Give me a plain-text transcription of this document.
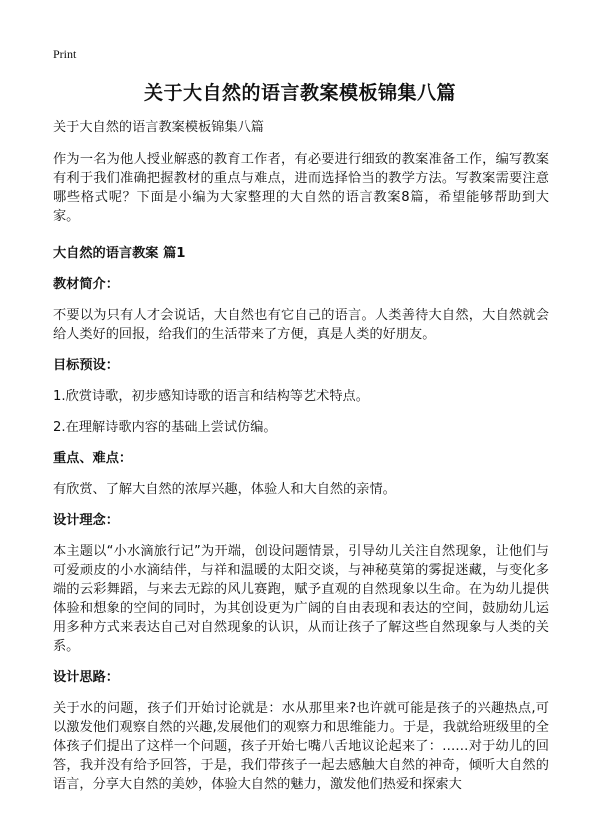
Print
关于大自然的语言教案模板锦集八篇

关于大自然的语言教案模板锦集八篇

作为一名为他人授业解惑的教育工作者，有必要进行细致的教案准备工作，编写教案有利于我们准确把握教材的重点与难点，进而选择恰当的教学方法。写教案需要注意哪些格式呢？下面是小编为大家整理的大自然的语言教案8篇，希望能够帮助到大家。

大自然的语言教案 篇1
教材简介：

不要以为只有人才会说话，大自然也有它自己的语言。人类善待大自然，大自然就会给人类好的回报，给我们的生活带来了方便，真是人类的好朋友。

目标预设：

1.欣赏诗歌，初步感知诗歌的语言和结构等艺术特点。

2.在理解诗歌内容的基础上尝试仿编。

重点、难点：

有欣赏、了解大自然的浓厚兴趣，体验人和大自然的亲情。

设计理念：

本主题以“小水滴旅行记”为开端，创设问题情景，引导幼儿关注自然现象，让他们与可爱顽皮的小水滴结伴，与祥和温暖的太阳交谈，与神秘莫第的雾捉迷藏，与变化多端的云彩舞蹈，与来去无踪的风儿赛跑，赋予直观的自然现象以生命。在为幼儿提供体验和想象的空间的同时，为其创设更为广阔的自由表现和表达的空间，鼓励幼儿运用多种方式来表达自己对自然现象的认识，从而让孩子了解这些自然现象与人类的关系。

设计思路：

关于水的问题，孩子们开始讨论就是：水从那里来?也许就可能是孩子的兴趣热点,可以激发他们观察自然的兴趣,发展他们的观察力和思维能力。于是，我就给班级里的全体孩子们提出了这样一个问题，孩子开始七嘴八舌地议论起来了：……对于幼儿的回答，我并没有给予回答，于是，我们带孩子一起去感触大自然的神奇，倾听大自然的语言，分享大自然的美妙，体验大自然的魅力，激发他们热爱和探索大
